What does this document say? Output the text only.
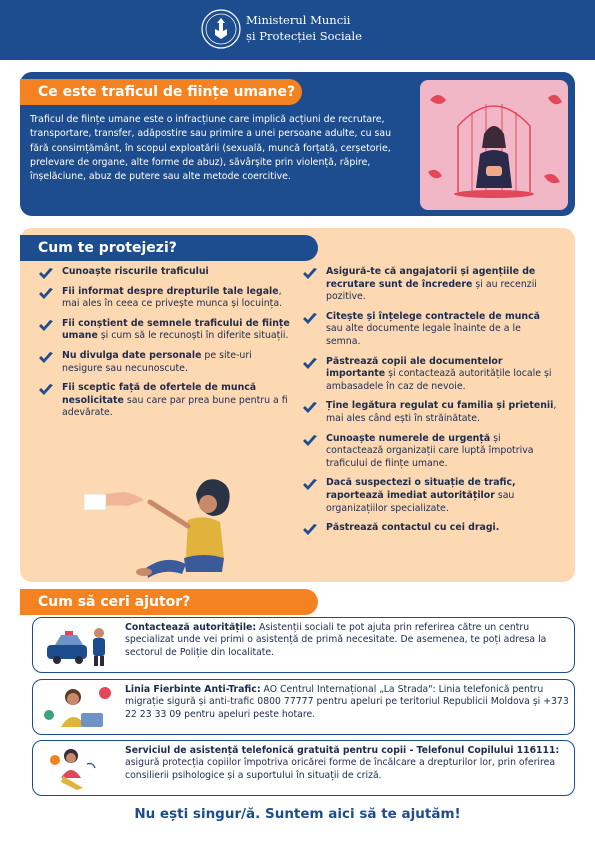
Ministerul Muncii
și Protecției Sociale
Ce este traficul de ființe umane?
Traficul de ființe umane este o infracțiune care implică acțiuni de recrutare, transportare, transfer, adăpostire sau primire a unei persoane adulte, cu sau fără consimțământ, în scopul exploatării (sexuală, muncă forțată, cerșetorie, prelevare de organe, alte forme de abuz), săvârșite prin violență, răpire, înșelăciune, abuz de putere sau alte metode coercitive.
Cum te protejezi?
Cunoaște riscurile traficului
Fii informat despre drepturile tale legale, mai ales în ceea ce privește munca și locuința.
Fii conștient de semnele traficului de ființe umane și cum să le recunoști în diferite situații.
Nu divulga date personale pe site-uri nesigure sau necunoscute.
Fii sceptic față de ofertele de muncă nesolicitate sau care par prea bune pentru a fi adevărate.
Asigură-te că angajatorii și agențiile de recrutare sunt de încredere și au recenzii pozitive.
Citește și înțelege contractele de muncă sau alte documente legale înainte de a le semna.
Păstrează copii ale documentelor importante și contactează autoritățile locale și ambasadele în caz de nevoie.
Ține legătura regulat cu familia și prietenii, mai ales când ești în străinătate.
Cunoaște numerele de urgență și contactează organizații care luptă împotriva traficului de ființe umane.
Dacă suspectezi o situație de trafic, raportează imediat autorităților sau organizațiilor specializate.
Păstrează contactul cu cei dragi.
Cum să ceri ajutor?
Contactează autoritățile: Asistenții sociali te pot ajuta prin referirea către un centru specializat unde vei primi o asistență de primă necesitate. De asemenea, te poți adresa la sectorul de Poliție din localitate.
Linia Fierbinte Anti-Trafic: AO Centrul Internațional „La Strada": Linia telefonică pentru migrație sigură și anti-trafic 0800 77777 pentru apeluri pe teritoriul Republicii Moldova și +373 22 23 33 09 pentru apeluri peste hotare.
Serviciul de asistență telefonică gratuită pentru copii - Telefonul Copilului 116111: asigură protecția copiilor împotriva oricărei forme de încălcare a drepturilor lor, prin oferirea consilierii psihologice și a suportului în situații de criză.
Nu ești singur/ă. Suntem aici să te ajutăm!
